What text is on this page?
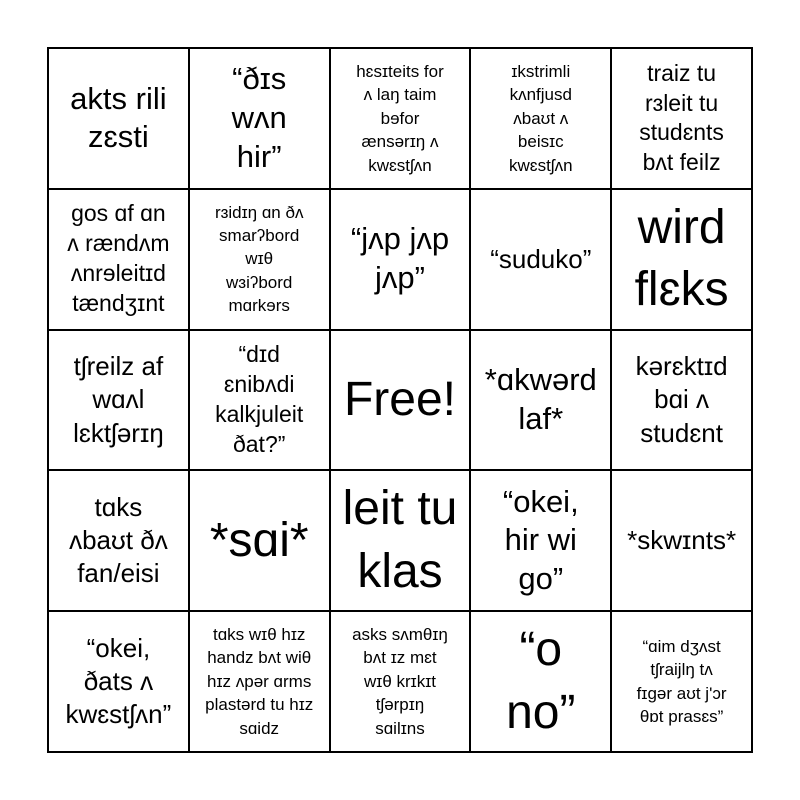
akts rili
zɛsti
“ðɪs
wʌn
hir”
hɛsɪteits for
ʌ laŋ taim
bɘfor
ænsərɪŋ ʌ
kwɛstʃʌn
ɪkstrimli
kʌnfjusd
ʌbaʊt ʌ
beisɪc
kwɛstʃʌn
traiz tu
rɜleit tu
studɛnts
bʌt feilz
gos ɑf ɑn
ʌ rændʌm
ʌnrɘleitɪd
tændʒɪnt
rɜidɪŋ ɑn ðʌ
smarʔbord
wɪθ
wɜiʔbord
mɑrkɘrs
“jʌp jʌp
jʌp”
“suduko”
wird
flɛks
tʃreilz af
wɑʌl
lɛktʃərɪŋ
“dɪd
ɛnibʌdi
kalkjuleit
ðat?”
Free! *ɑkwərd
laf*
kərɛktɪd
bɑi ʌ
studɛnt
tɑks
ʌbaʊt ðʌ
fan/eisi
*sɑi*
leit tu
klas
“okei,
hir wi
go”
*skwɪnts*
“okei,
ðats ʌ
kwɛstʃʌn”
tɑks wɪθ hɪz
handz bʌt wiθ
hɪz ʌpər ɑrms
plastərd tu hɪz
sɑidz
asks sʌmθɪŋ
bʌt ɪz mɛt
wɪθ krɪkɪt
tʃərpɪŋ
sɑilɪns
“o
no”
“ɑim dʒʌst
tʃraijlŋ tʌ
fɪgər aʊt j'ɔr
θɒt prasɛs”
